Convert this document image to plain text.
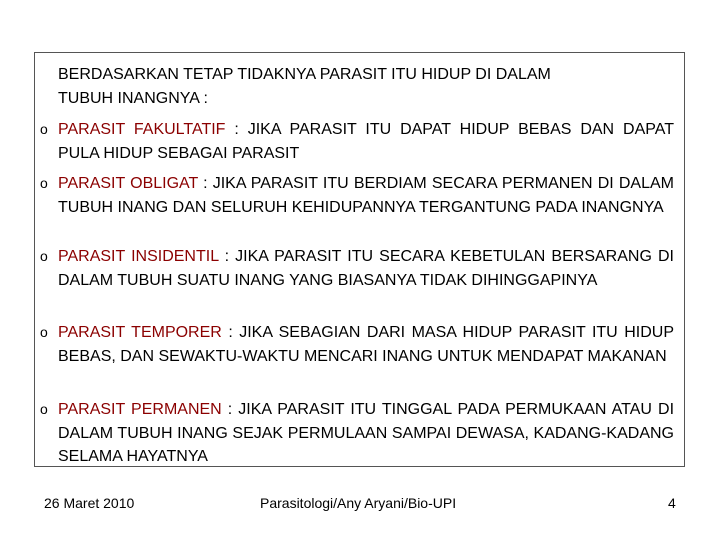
BERDASARKAN TETAP TIDAKNYA PARASIT ITU HIDUP DI DALAM
TUBUH INANGNYA :
o PARASIT FAKULTATIF : JIKA PARASIT ITU DAPAT HIDUP BEBAS DAN DAPAT PULA HIDUP SEBAGAI PARASIT
o PARASIT OBLIGAT : JIKA PARASIT ITU BERDIAM SECARA PERMANEN DI DALAM TUBUH INANG DAN SELURUH KEHIDUPANNYA TERGANTUNG PADA INANGNYA
o PARASIT INSIDENTIL : JIKA PARASIT ITU SECARA KEBETULAN BERSARANG DI DALAM TUBUH SUATU INANG YANG BIASANYA TIDAK DIHINGGAPINYA
o PARASIT TEMPORER : JIKA SEBAGIAN DARI MASA HIDUP PARASIT ITU HIDUP BEBAS, DAN SEWAKTU-WAKTU MENCARI INANG UNTUK MENDAPAT MAKANAN
o PARASIT PERMANEN : JIKA PARASIT ITU TINGGAL PADA PERMUKAAN ATAU DI DALAM TUBUH INANG SEJAK PERMULAAN SAMPAI DEWASA, KADANG-KADANG SELAMA HAYATNYA
26 Maret 2010	Parasitologi/Any Aryani/Bio-UPI	4
